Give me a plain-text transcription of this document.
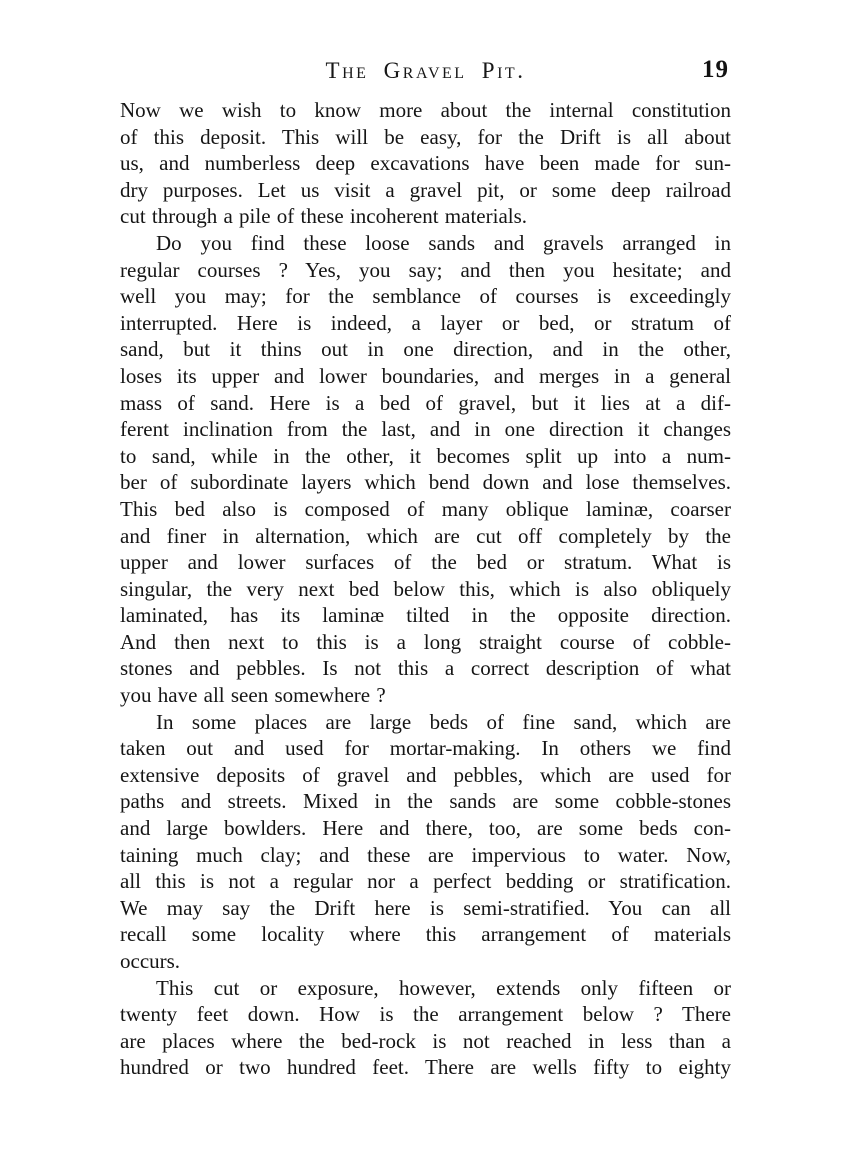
The Gravel Pit.	19

Now we wish to know more about the internal constitution
of this deposit. This will be easy, for the Drift is all about
us, and numberless deep excavations have been made for sun-
dry purposes. Let us visit a gravel pit, or some deep railroad
cut through a pile of these incoherent materials.

Do you find these loose sands and gravels arranged in
regular courses ? Yes, you say; and then you hesitate; and
well you may; for the semblance of courses is exceedingly
interrupted. Here is indeed, a layer or bed, or stratum of
sand, but it thins out in one direction, and in the other,
loses its upper and lower boundaries, and merges in a general
mass of sand. Here is a bed of gravel, but it lies at a dif-
ferent inclination from the last, and in one direction it changes
to sand, while in the other, it becomes split up into a num-
ber of subordinate layers which bend down and lose themselves.
This bed also is composed of many oblique laminæ, coarser
and finer in alternation, which are cut off completely by the
upper and lower surfaces of the bed or stratum. What is
singular, the very next bed below this, which is also obliquely
laminated, has its laminæ tilted in the opposite direction.
And then next to this is a long straight course of cobble-
stones and pebbles. Is not this a correct description of what
you have all seen somewhere ?

In some places are large beds of fine sand, which are
taken out and used for mortar-making. In others we find
extensive deposits of gravel and pebbles, which are used for
paths and streets. Mixed in the sands are some cobble-stones
and large bowlders. Here and there, too, are some beds con-
taining much clay; and these are impervious to water. Now,
all this is not a regular nor a perfect bedding or stratification.
We may say the Drift here is semi-stratified. You can all
recall some locality where this arrangement of materials
occurs.

This cut or exposure, however, extends only fifteen or
twenty feet down. How is the arrangement below ? There
are places where the bed-rock is not reached in less than a
hundred or two hundred feet. There are wells fifty to eighty
